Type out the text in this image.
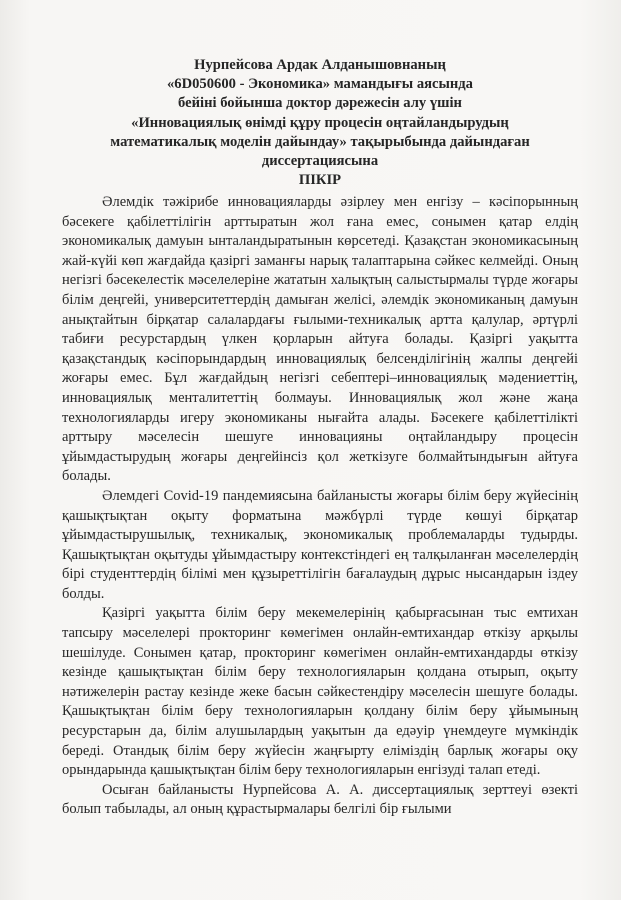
Нурпейсова Ардак Алданышовнаның
«6D050600 - Экономика» мамандығы аясында
бейіні бойынша доктор дәрежесін алу үшін
«Инновациялық өнімді құру процесін оңтайландырудың
математикалық моделін дайындау» тақырыбында дайындаған
диссертациясына
ПІКІР

Әлемдік тәжірибе инновацияларды әзірлеу мен енгізу – кәсіпорынның бәсекеге қабілеттілігін арттыратын жол ғана емес, сонымен қатар елдің экономикалық дамуын ынталандыратынын көрсетеді. Қазақстан экономикасының жай-күйі көп жағдайда қазіргі заманғы нарық талаптарына сәйкес келмейді. Оның негізгі бәсекелестік мәселелеріне жататын халықтың салыстырмалы түрде жоғары білім деңгейі, университеттердің дамыған желісі, әлемдік экономиканың дамуын анықтайтын бірқатар салалардағы ғылыми-техникалық артта қалулар, әртүрлі табиғи ресурстардың үлкен қорларын айтуға болады. Қазіргі уақытта қазақстандық кәсіпорындардың инновациялық белсенділігінің жалпы деңгейі жоғары емес. Бұл жағдайдың негізгі себептері–инновациялық мәдениеттің, инновациялық менталитеттің болмауы. Инновациялық жол және жаңа технологияларды игеру экономиканы нығайта алады. Бәсекеге қабілеттілікті арттыру мәселесін шешуге инновацияны оңтайландыру процесін ұйымдастырудың жоғары деңгейінсіз қол жеткізуге болмайтындығын айтуға болады.

Әлемдегі Covid-19 пандемиясына байланысты жоғары білім беру жүйесінің қашықтықтан оқыту форматына мәжбүрлі түрде көшуі бірқатар ұйымдастырушылық, техникалық, экономикалық проблемаларды тудырды. Қашықтықтан оқытуды ұйымдастыру контекстіндегі ең талқыланған мәселелердің бірі студенттердің білімі мен құзыреттілігін бағалаудың дұрыс нысандарын іздеу болды.

Қазіргі уақытта білім беру мекемелерінің қабырғасынан тыс емтихан тапсыру мәселелері прокторинг көмегімен онлайн-емтихандар өткізу арқылы шешілуде. Сонымен қатар, прокторинг көмегімен онлайн-емтихандарды өткізу кезінде қашықтықтан білім беру технологияларын қолдана отырып, оқыту нәтижелерін растау кезінде жеке басын сәйкестендіру мәселесін шешуге болады. Қашықтықтан білім беру технологияларын қолдану білім беру ұйымының ресурстарын да, білім алушылардың уақытын да едәуір үнемдеуге мүмкіндік береді. Отандық білім беру жүйесін жаңғырту еліміздің барлық жоғары оқу орындарында қашықтықтан білім беру технологияларын енгізуді талап етеді.

Осыған байланысты Нурпейсова А. А. диссертациялық зерттеуі өзекті болып табылады, ал оның құрастырмалары белгілі бір ғылыми
